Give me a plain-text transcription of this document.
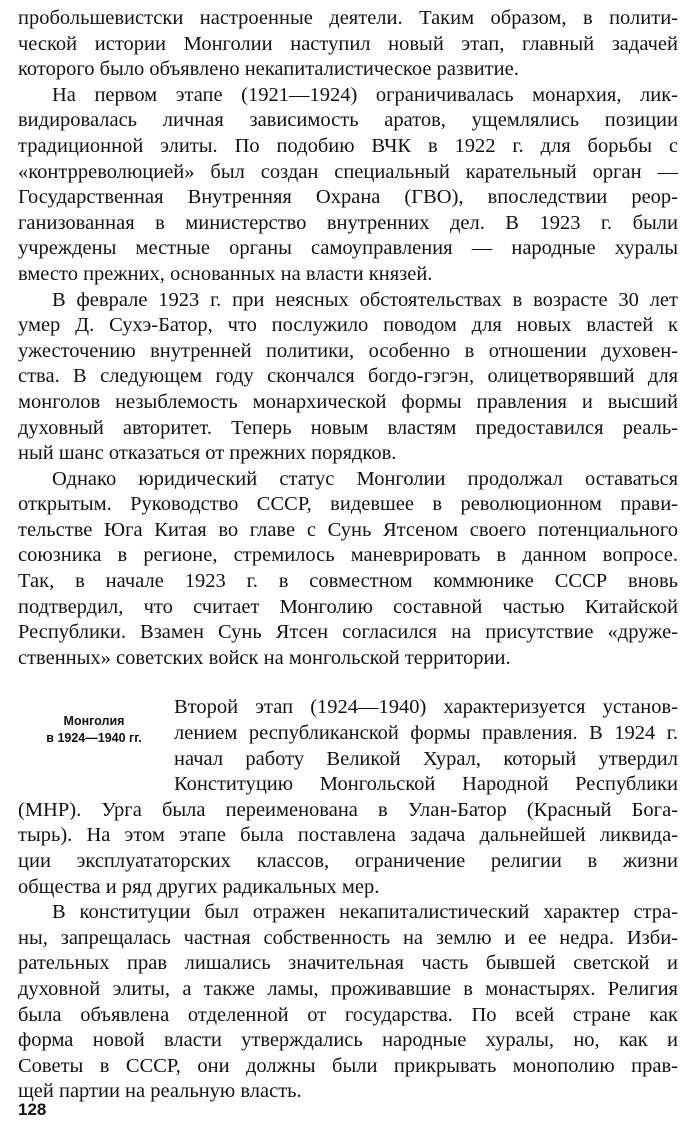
пробольшевистски настроенные деятели. Таким образом, в полити-
ческой истории Монголии наступил новый этап, главный задачей
которого было объявлено некапиталистическое развитие.
На первом этапе (1921—1924) ограничивалась монархия, лик-
видировалась личная зависимость аратов, ущемлялись позиции
традиционной элиты. По подобию ВЧК в 1922 г. для борьбы с
«контрреволюцией» был создан специальный карательный орган —
Государственная Внутренняя Охрана (ГВО), впоследствии реор-
ганизованная в министерство внутренних дел. В 1923 г. были
учреждены местные органы самоуправления — народные хуралы
вместо прежних, основанных на власти князей.
В феврале 1923 г. при неясных обстоятельствах в возрасте 30 лет
умер Д. Сухэ-Батор, что послужило поводом для новых властей к
ужесточению внутренней политики, особенно в отношении духовен-
ства. В следующем году скончался богдо-гэгэн, олицетворявший для
монголов незыблемость монархической формы правления и высший
духовный авторитет. Теперь новым властям предоставился реаль-
ный шанс отказаться от прежних порядков.
Однако юридический статус Монголии продолжал оставаться
открытым. Руководство СССР, видевшее в революционном прави-
тельстве Юга Китая во главе с Сунь Ятсеном своего потенциального
союзника в регионе, стремилось маневрировать в данном вопросе.
Так, в начале 1923 г. в совместном коммюнике СССР вновь
подтвердил, что считает Монголию составной частью Китайской
Республики. Взамен Сунь Ятсен согласился на присутствие «друже-
ственных» советских войск на монгольской территории.
Монголия
в 1924—1940 гг.
Второй этап (1924—1940) характеризуется установ-
лением республиканской формы правления. В 1924 г.
начал работу Великой Хурал, который утвердил
Конституцию Монгольской Народной Республики
(МНР). Урга была переименована в Улан-Батор (Красный Бога-
тырь). На этом этапе была поставлена задача дальнейшей ликвида-
ции эксплуататорских классов, ограничение религии в жизни
общества и ряд других радикальных мер.
В конституции был отражен некапиталистический характер стра-
ны, запрещалась частная собственность на землю и ее недра. Изби-
рательных прав лишались значительная часть бывшей светской и
духовной элиты, а также ламы, проживавшие в монастырях. Религия
была объявлена отделенной от государства. По всей стране как
форма новой власти утверждались народные хуралы, но, как и
Советы в СССР, они должны были прикрывать монополию прав-
щей партии на реальную власть.
128
